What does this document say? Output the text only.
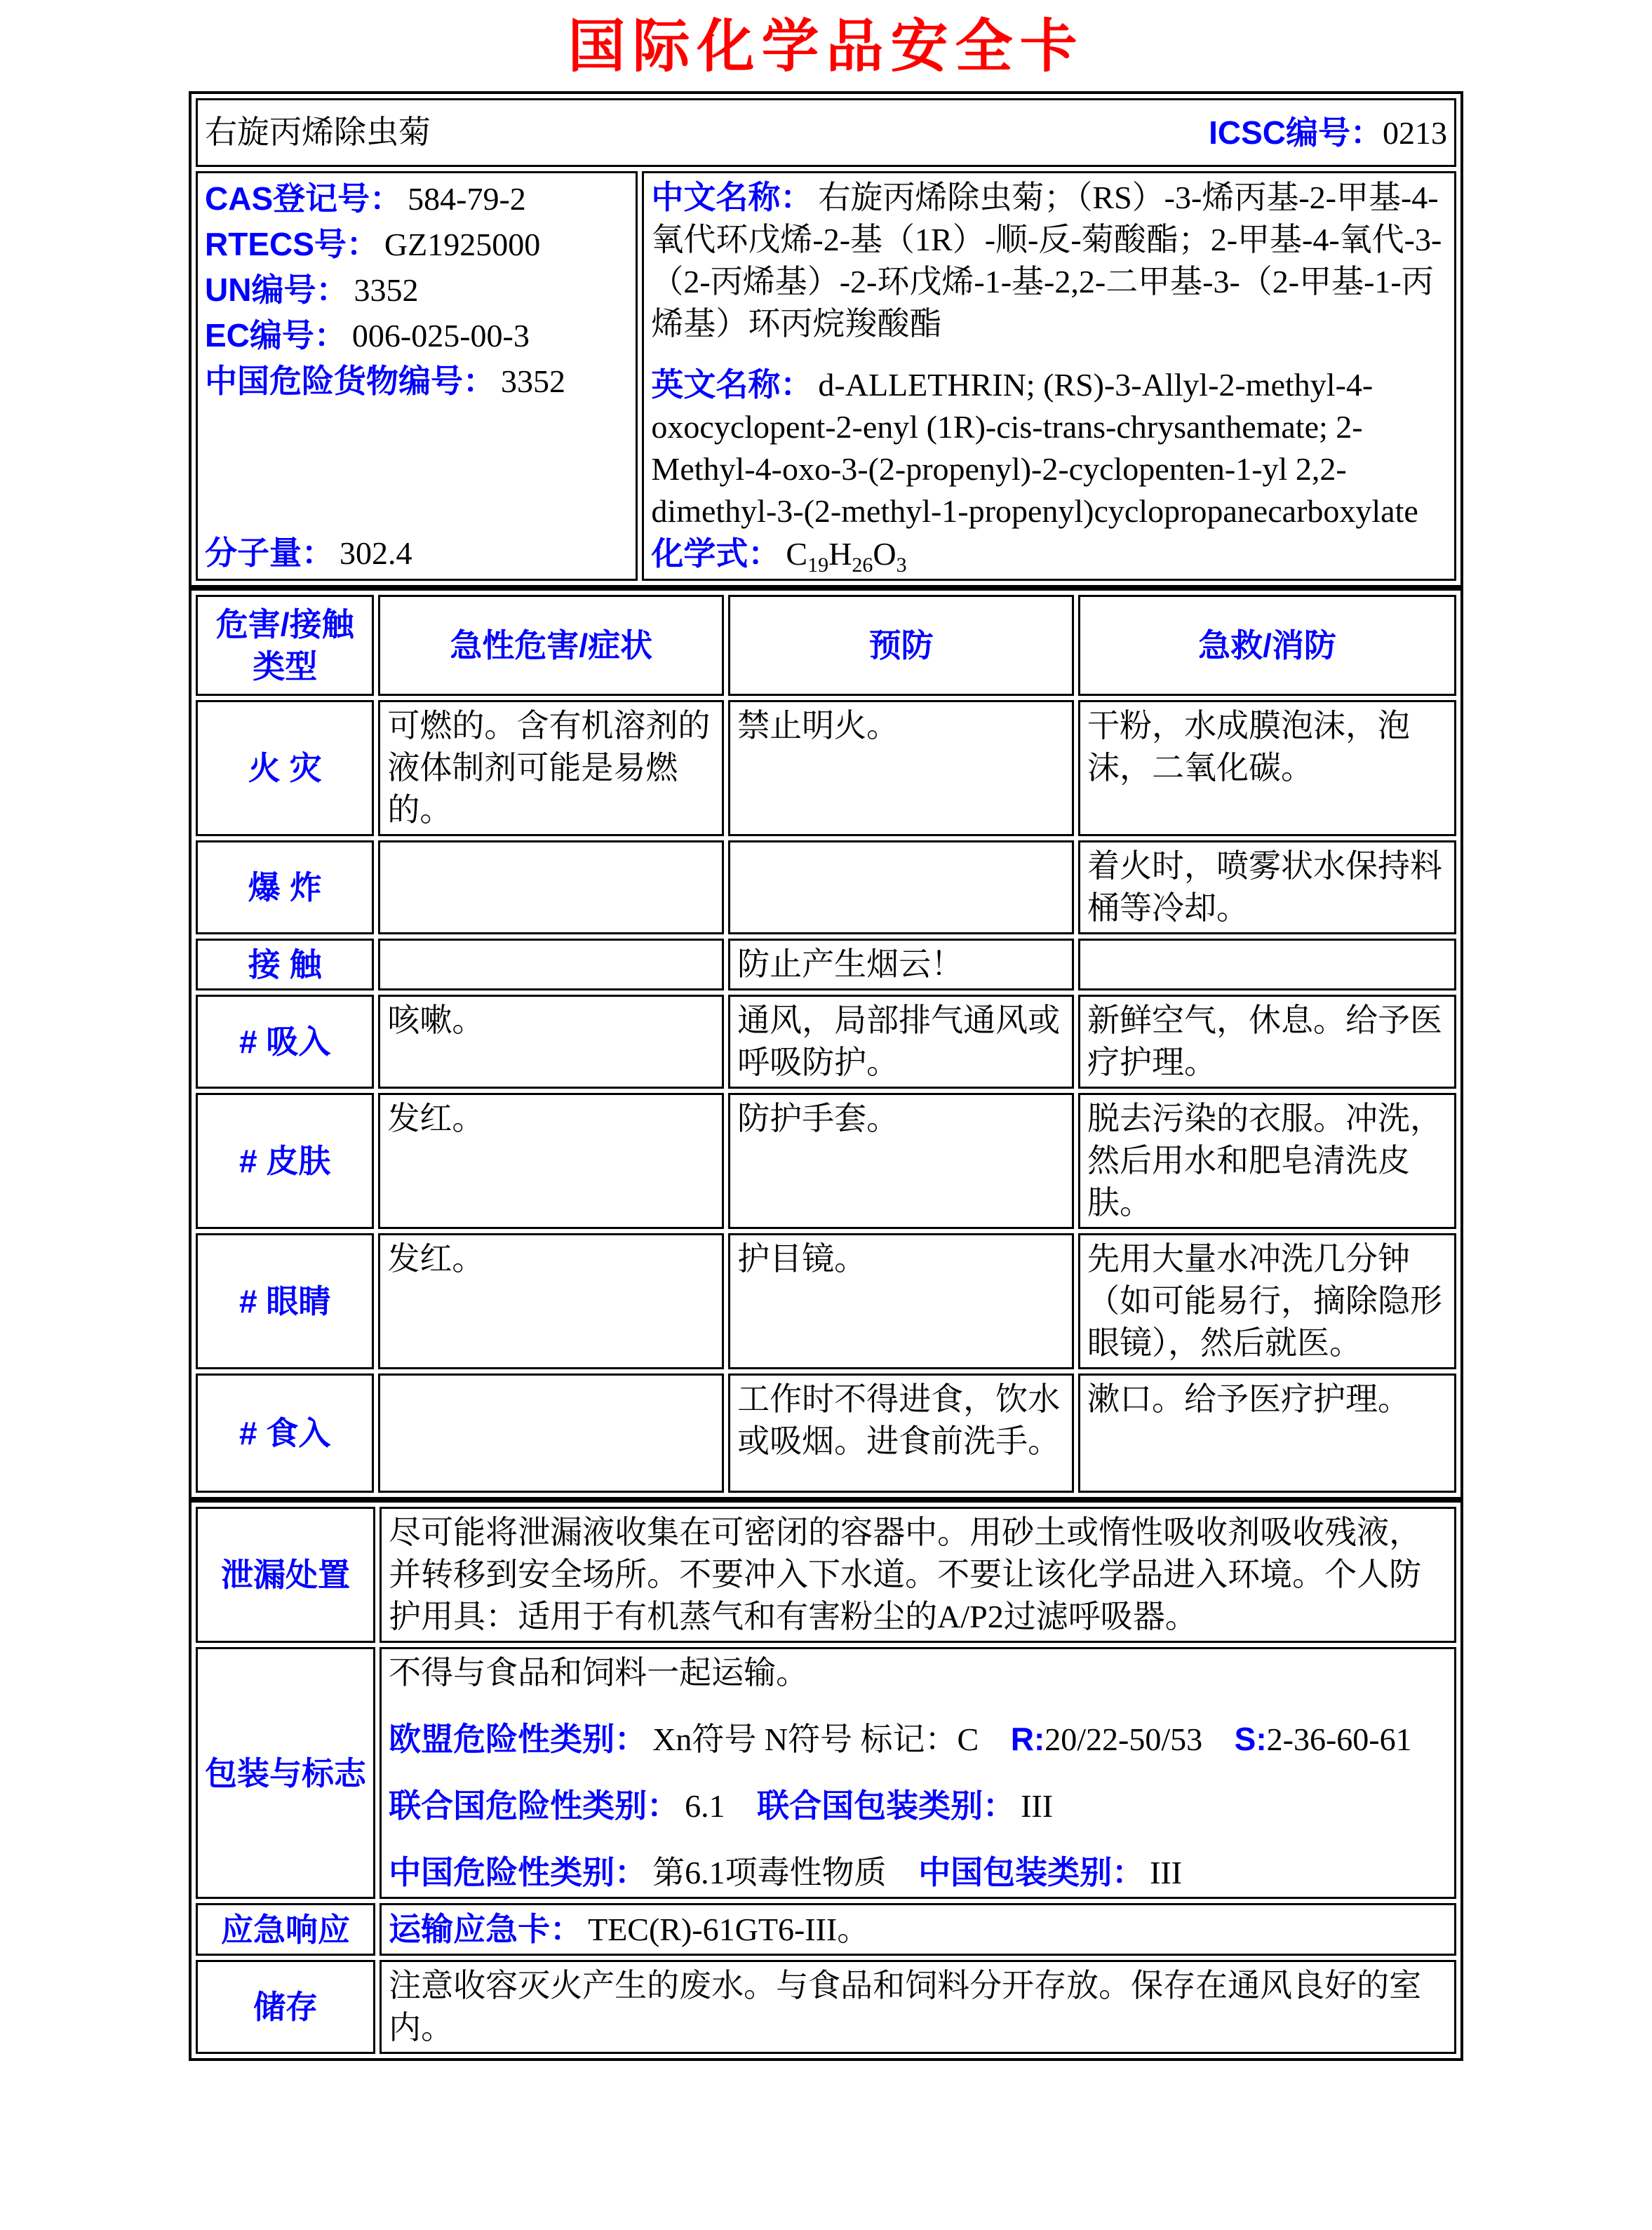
国际化学品安全卡
右旋丙烯除虫菊	ICSC编号：0213

CAS登记号： 584-79-2
RTECS号： GZ1925000
UN编号： 3352
EC编号： 006-025-00-3
中国危险货物编号： 3352
分子量： 302.4

中文名称： 右旋丙烯除虫菊；（RS）-3-烯丙基-2-甲基-4-氧代环戊烯-2-基（1R）-顺-反-菊酸酯；2-甲基-4-氧代-3-（2-丙烯基）-2-环戊烯-1-基-2,2-二甲基-3-（2-甲基-1-丙烯基）环丙烷羧酸酯

英文名称： d-ALLETHRIN; (RS)-3-Allyl-2-methyl-4-oxocyclopent-2-enyl (1R)-cis-trans-chrysanthemate; 2-Methyl-4-oxo-3-(2-propenyl)-2-cyclopenten-1-yl 2,2-dimethyl-3-(2-methyl-1-propenyl)cyclopropanecarboxylate

化学式： $C_{19}H_{26}O_3$

危害/接触
类型	急性危害/症状	预防	急救/消防
火 灾	可燃的。含有机溶剂的液体制剂可能是易燃的。	禁止明火。	干粉，水成膜泡沫，泡沫，二氧化碳。
爆 炸			着火时，喷雾状水保持料桶等冷却。
接 触		防止产生烟云！	
# 吸入	咳嗽。	通风，局部排气通风或呼吸防护。	新鲜空气，休息。给予医疗护理。
# 皮肤	发红。	防护手套。	脱去污染的衣服。冲洗，然后用水和肥皂清洗皮肤。
# 眼睛	发红。	护目镜。	先用大量水冲洗几分钟（如可能易行，摘除隐形眼镜），然后就医。
# 食入		工作时不得进食，饮水或吸烟。进食前洗手。	漱口。给予医疗护理。
泄漏处置	尽可能将泄漏液收集在可密闭的容器中。用砂土或惰性吸收剂吸收残液，并转移到安全场所。不要冲入下水道。不要让该化学品进入环境。个人防护用具：适用于有机蒸气和有害粉尘的A/P2过滤呼吸器。
包装与标志	不得与食品和饲料一起运输。

欧盟危险性类别： Xn符号 N符号 标记：C R:20/22-50/53 S:2-36-60-61

联合国危险性类别： 6.1 联合国包装类别： III

中国危险性类别： 第6.1项毒性物质 中国包装类别： III

应急响应	运输应急卡： TEC(R)-61GT6-III。
储存	注意收容灭火产生的废水。与食品和饲料分开存放。保存在通风良好的室内。
